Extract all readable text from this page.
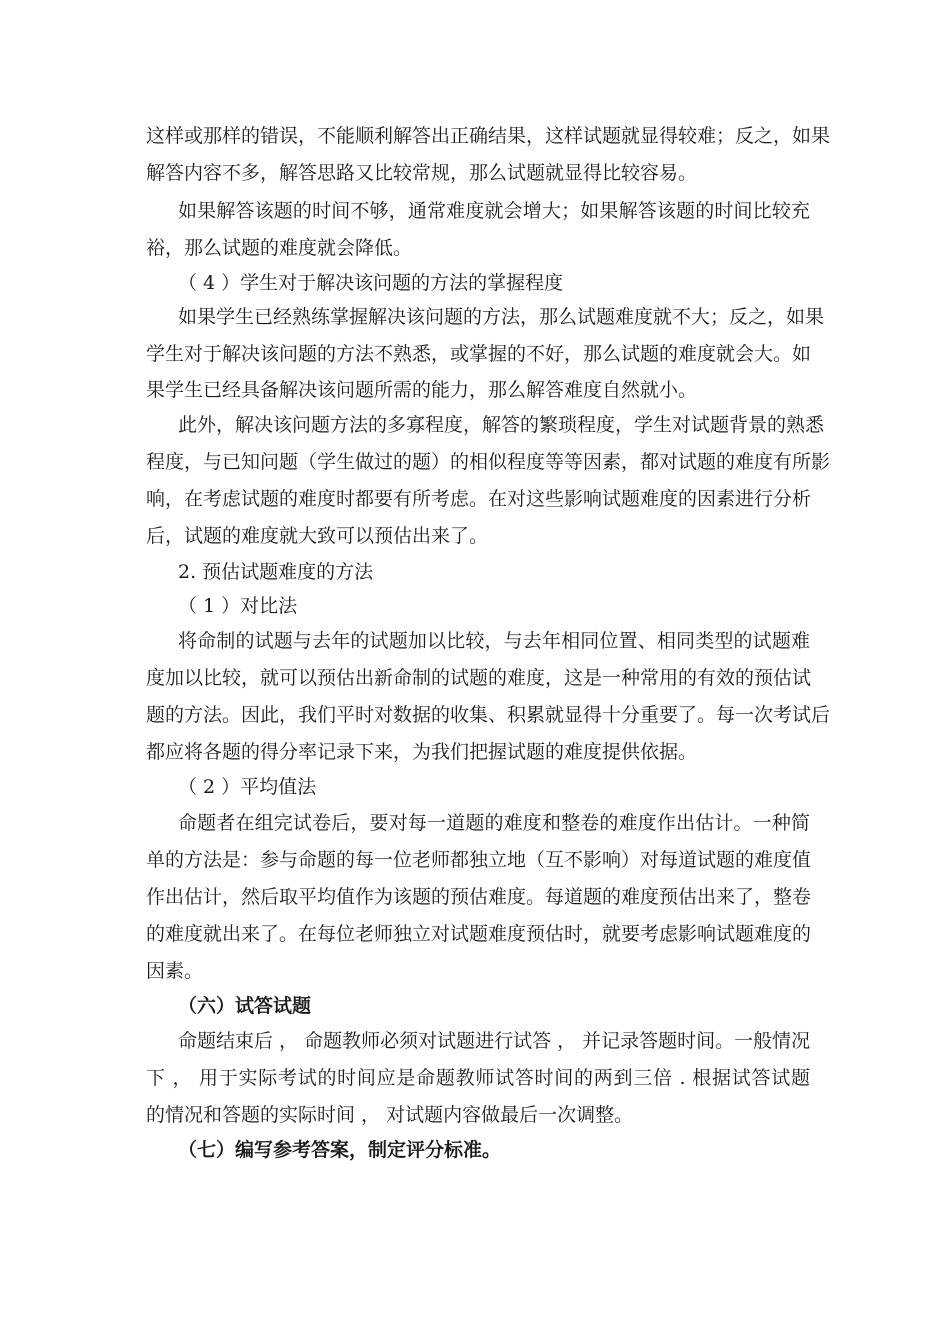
这样或那样的错误，不能顺利解答出正确结果，这样试题就显得较难；反之，如果
解答内容不多，解答思路又比较常规，那么试题就显得比较容易。
如果解答该题的时间不够，通常难度就会增大；如果解答该题的时间比较充
裕，那么试题的难度就会降低。
（ 4 ）学生对于解决该问题的方法的掌握程度
如果学生已经熟练掌握解决该问题的方法，那么试题难度就不大；反之，如果
学生对于解决该问题的方法不熟悉，或掌握的不好，那么试题的难度就会大。如
果学生已经具备解决该问题所需的能力，那么解答难度自然就小。
此外，解决该问题方法的多寡程度，解答的繁琐程度，学生对试题背景的熟悉
程度，与已知问题（学生做过的题）的相似程度等等因素，都对试题的难度有所影
响，在考虑试题的难度时都要有所考虑。在对这些影响试题难度的因素进行分析
后，试题的难度就大致可以预估出来了。
2. 预估试题难度的方法
（ 1 ）对比法
将命制的试题与去年的试题加以比较，与去年相同位置、相同类型的试题难
度加以比较，就可以预估出新命制的试题的难度，这是一种常用的有效的预估试
题的方法。因此，我们平时对数据的收集、积累就显得十分重要了。每一次考试后
都应将各题的得分率记录下来，为我们把握试题的难度提供依据。
（ 2 ）平均值法
命题者在组完试卷后，要对每一道题的难度和整卷的难度作出估计。一种简
单的方法是：参与命题的每一位老师都独立地（互不影响）对每道试题的难度值
作出估计，然后取平均值作为该题的预估难度。每道题的难度预估出来了，整卷
的难度就出来了。在每位老师独立对试题难度预估时，就要考虑影响试题难度的
因素。
（六）试答试题
命题结束后 ， 命题教师必须对试题进行试答 ， 并记录答题时间。一般情况
下 ， 用于实际考试的时间应是命题教师试答时间的两到三倍 . 根据试答试题
的情况和答题的实际时间 ， 对试题内容做最后一次调整。
（七）编写参考答案，制定评分标准。
